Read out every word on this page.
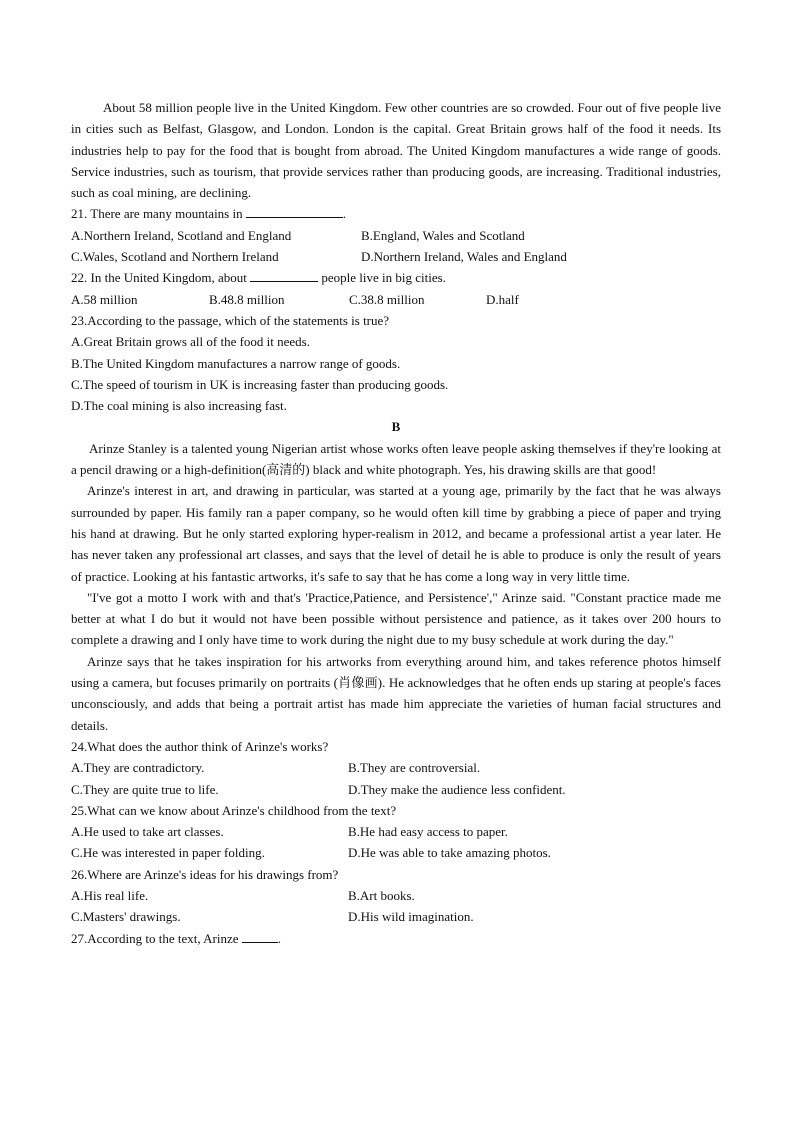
About 58 million people live in the United Kingdom. Few other countries are so crowded. Four out of five people live in cities such as Belfast, Glasgow, and London. London is the capital. Great Britain grows half of the food it needs. Its industries help to pay for the food that is bought from abroad. The United Kingdom manufactures a wide range of goods. Service industries, such as tourism, that provide services rather than producing goods, are increasing. Traditional industries, such as coal mining, are declining.

21. There are many mountains in	.

A.Northern Ireland, Scotland and England	B.England, Wales and Scotland
C.Wales, Scotland and Northern Ireland	D.Northern Ireland, Wales and England

22. In the United Kingdom, about	people live in big cities.

A.58 million	B.48.8 million	C.38.8 million	D.half

23.According to the passage, which of the statements is true?

A.Great Britain grows all of the food it needs.

B.The United Kingdom manufactures a narrow range of goods.

C.The speed of tourism in UK is increasing faster than producing goods.

D.The coal mining is also increasing fast.

B

Arinze Stanley is a talented young Nigerian artist whose works often leave people asking themselves if they're looking at a pencil drawing or a high-definition(高清的) black and white photograph. Yes, his drawing skills are that good!

Arinze's interest in art, and drawing in particular, was started at a young age, primarily by the fact that he was always surrounded by paper. His family ran a paper company, so he would often kill time by grabbing a piece of paper and trying his hand at drawing. But he only started exploring hyper-realism in 2012, and became a professional artist a year later. He has never taken any professional art classes, and says that the level of detail he is able to produce is only the result of years of practice. Looking at his fantastic artworks, it's safe to say that he has come a long way in very little time.

"I've got a motto I work with and that's 'Practice,Patience, and Persistence'," Arinze said. "Constant practice made me better at what I do but it would not have been possible without persistence and patience, as it takes over 200 hours to complete a drawing and I only have time to work during the night due to my busy schedule at work during the day."

Arinze says that he takes inspiration for his artworks from everything around him, and takes reference photos himself using a camera, but focuses primarily on portraits (肖像画). He acknowledges that he often ends up staring at people's faces unconsciously, and adds that being a portrait artist has made him appreciate the varieties of human facial structures and details.

24.What does the author think of Arinze's works?

A.They are contradictory.	B.They are controversial.
C.They are quite true to life.	D.They make the audience less confident.

25.What can we know about Arinze's childhood from the text?

A.He used to take art classes.	B.He had easy access to paper.
C.He was interested in paper folding.	D.He was able to take amazing photos.

26.Where are Arinze's ideas for his drawings from?

A.His real life.	B.Art books.
C.Masters' drawings.	D.His wild imagination.

27.According to the text, Arinze	.
